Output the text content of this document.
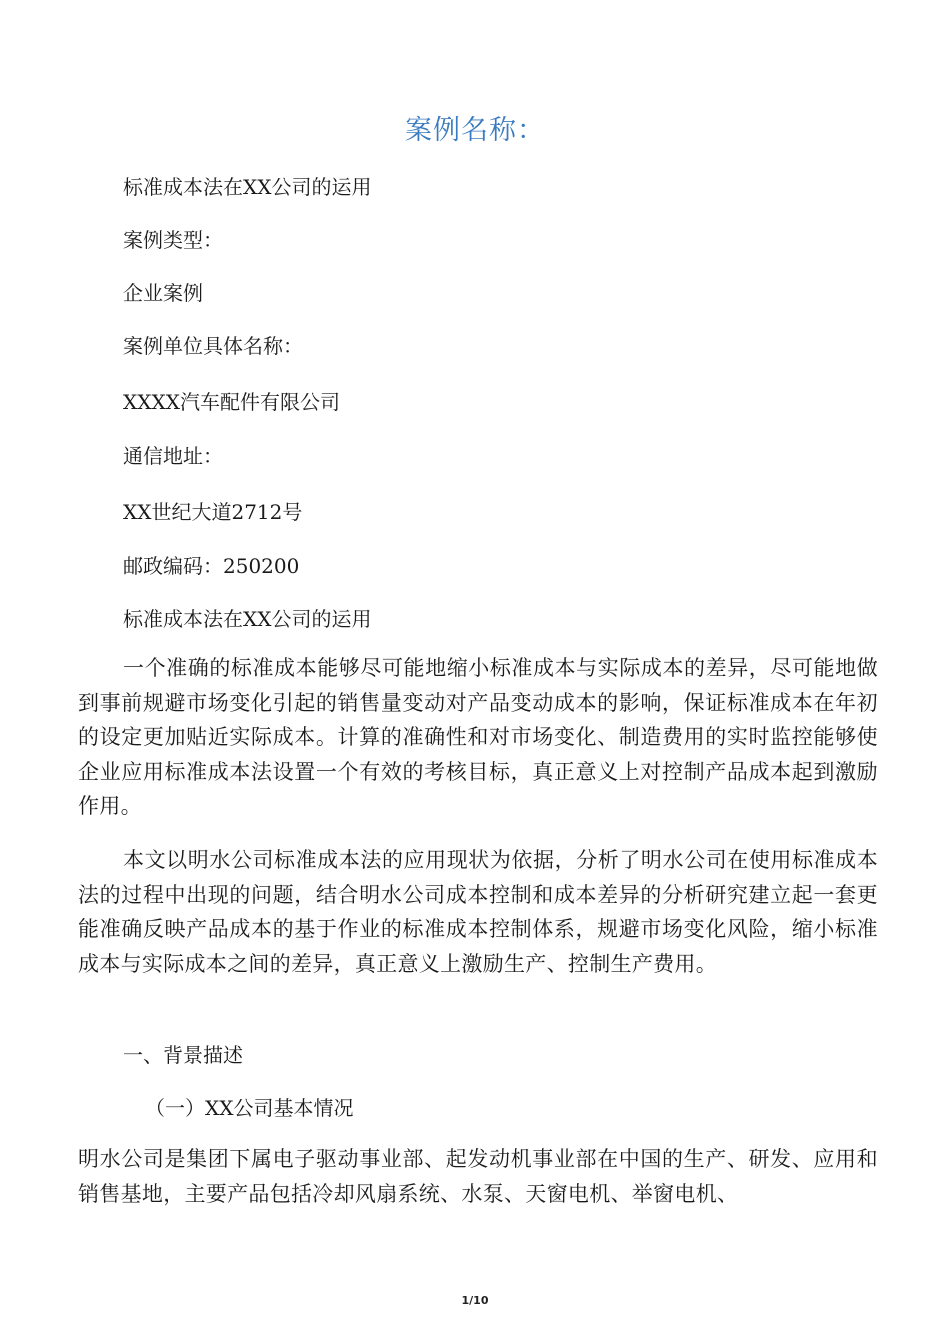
案例名称：
标准成本法在XX公司的运用
案例类型：
企业案例
案例单位具体名称：
XXXX汽车配件有限公司
通信地址：
XX世纪大道2712号
邮政编码：250200
标准成本法在XX公司的运用
一个准确的标准成本能够尽可能地缩小标准成本与实际成本的差异，尽可能地做到事前规避市场变化引起的销售量变动对产品变动成本的影响，保证标准成本在年初的设定更加贴近实际成本。计算的准确性和对市场变化、制造费用的实时监控能够使企业应用标准成本法设置一个有效的考核目标，真正意义上对控制产品成本起到激励作用。
本文以明水公司标准成本法的应用现状为依据，分析了明水公司在使用标准成本法的过程中出现的问题，结合明水公司成本控制和成本差异的分析研究建立起一套更能准确反映产品成本的基于作业的标准成本控制体系，规避市场变化风险，缩小标准成本与实际成本之间的差异，真正意义上激励生产、控制生产费用。
一、背景描述
（一）XX公司基本情况
明水公司是集团下属电子驱动事业部、起发动机事业部在中国的生产、研发、应用和销售基地，主要产品包括冷却风扇系统、水泵、天窗电机、举窗电机、
1/10
